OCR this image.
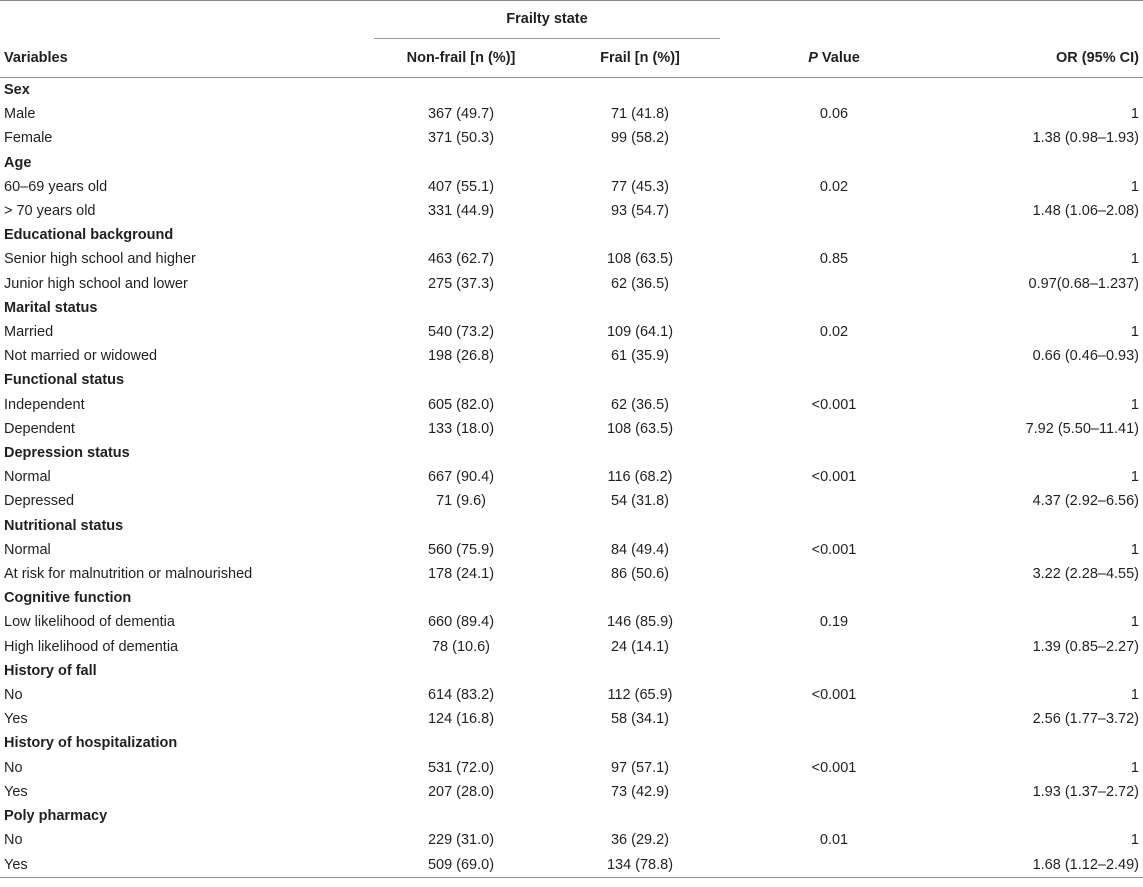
	Frailty state			

Variables	Non-frail [n (%)]	Frail [n (%)]	P Value	OR (95% CI)
Sex				
Male	367 (49.7)	71 (41.8)	0.06	1
Female	371 (50.3)	99 (58.2)		1.38 (0.98–1.93)
Age				
60–69 years old	407 (55.1)	77 (45.3)	0.02	1
> 70 years old	331 (44.9)	93 (54.7)		1.48 (1.06–2.08)
Educational background				
Senior high school and higher	463 (62.7)	108 (63.5)	0.85	1
Junior high school and lower	275 (37.3)	62 (36.5)		0.97(0.68–1.237)
Marital status				
Married	540 (73.2)	109 (64.1)	0.02	1
Not married or widowed	198 (26.8)	61 (35.9)		0.66 (0.46–0.93)
Functional status				
Independent	605 (82.0)	62 (36.5)	<0.001	1
Dependent	133 (18.0)	108 (63.5)		7.92 (5.50–11.41)
Depression status				
Normal	667 (90.4)	116 (68.2)	<0.001	1
Depressed	71 (9.6)	54 (31.8)		4.37 (2.92–6.56)
Nutritional status				
Normal	560 (75.9)	84 (49.4)	<0.001	1
At risk for malnutrition or malnourished	178 (24.1)	86 (50.6)		3.22 (2.28–4.55)
Cognitive function				
Low likelihood of dementia	660 (89.4)	146 (85.9)	0.19	1
High likelihood of dementia	78 (10.6)	24 (14.1)		1.39 (0.85–2.27)
History of fall				
No	614 (83.2)	112 (65.9)	<0.001	1
Yes	124 (16.8)	58 (34.1)		2.56 (1.77–3.72)
History of hospitalization				
No	531 (72.0)	97 (57.1)	<0.001	1
Yes	207 (28.0)	73 (42.9)		1.93 (1.37–2.72)
Poly pharmacy				
No	229 (31.0)	36 (29.2)	0.01	1
Yes	509 (69.0)	134 (78.8)		1.68 (1.12–2.49)
